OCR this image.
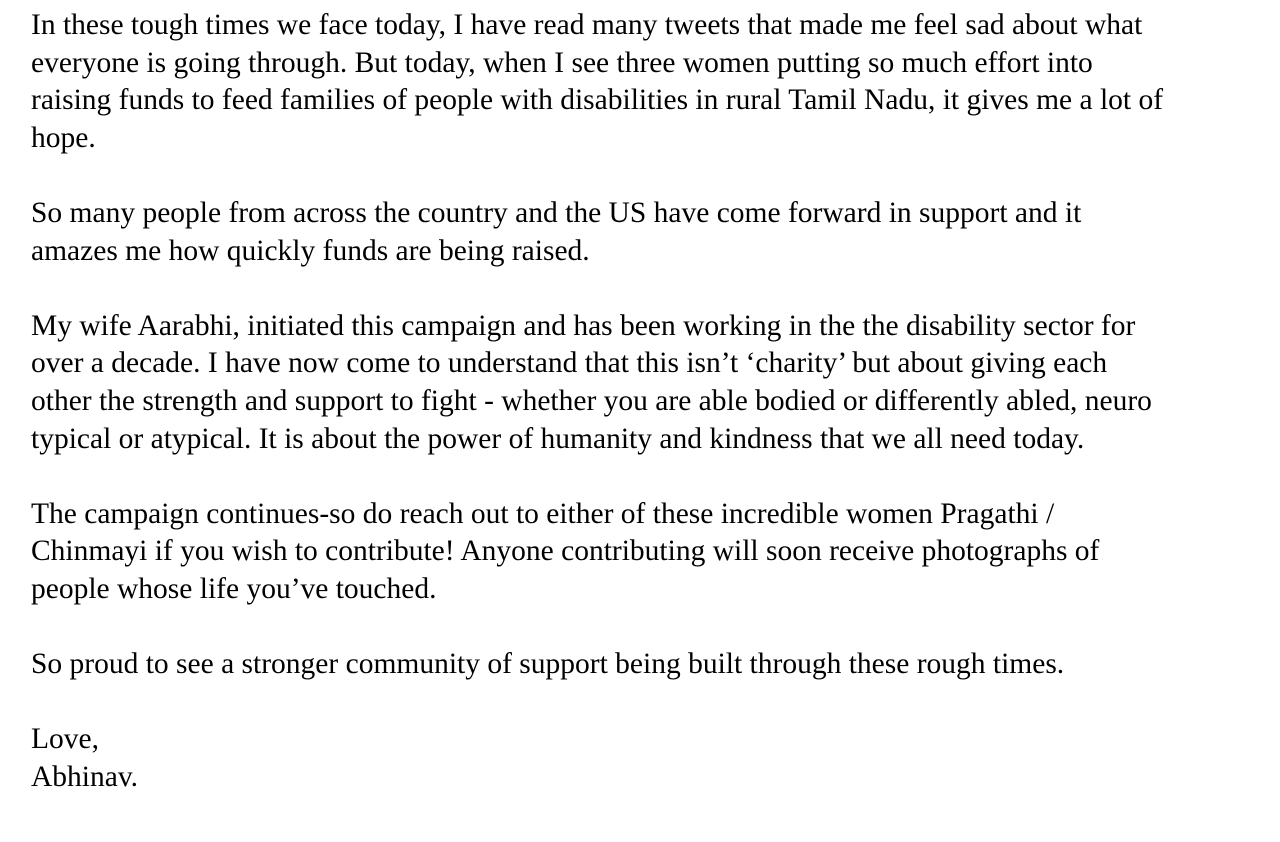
In these tough times we face today, I have read many tweets that made me feel sad about what
everyone is going through. But today, when I see three women putting so much effort into
raising funds to feed families of people with disabilities in rural Tamil Nadu, it gives me a lot of
hope.

So many people from across the country and the US have come forward in support and it
amazes me how quickly funds are being raised.

My wife Aarabhi, initiated this campaign and has been working in the the disability sector for
over a decade. I have now come to understand that this isn’t ‘charity’ but about giving each
other the strength and support to fight - whether you are able bodied or differently abled, neuro
typical or atypical. It is about the power of humanity and kindness that we all need today.

The campaign continues-so do reach out to either of these incredible women Pragathi /
Chinmayi if you wish to contribute! Anyone contributing will soon receive photographs of
people whose life you’ve touched.

So proud to see a stronger community of support being built through these rough times.

Love,
Abhinav.
